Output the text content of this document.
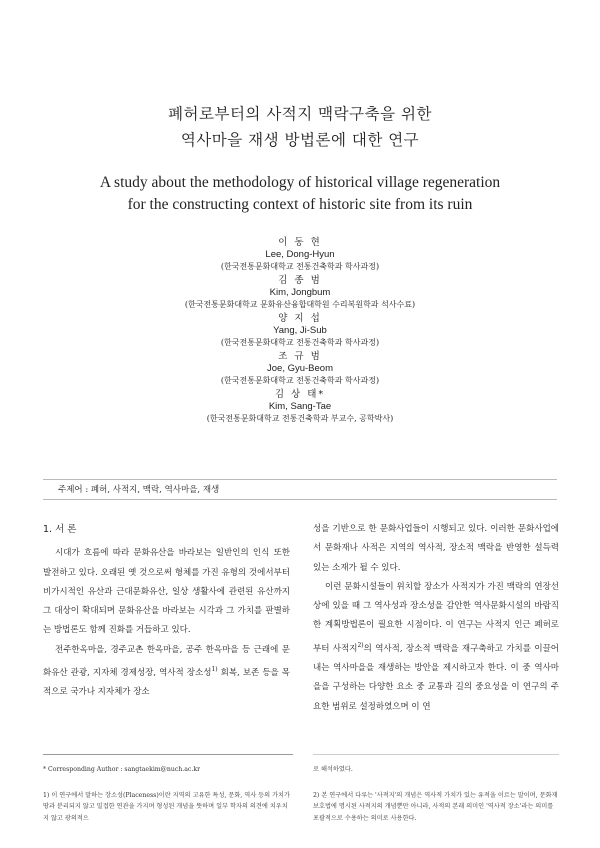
폐허로부터의 사적지 맥락구축을 위한
역사마을 재생 방법론에 대한 연구
A study about the methodology of historical village regeneration
for the constructing context of historic site from its ruin
이 동 현
Lee, Dong-Hyun
(한국전통문화대학교 전통건축학과 학사과정)
김 종 범
Kim, Jongbum
(한국전통문화대학교 문화유산융합대학원 수리복원학과 석사수료)
양 지 섭
Yang, Ji-Sub
(한국전통문화대학교 전통건축학과 학사과정)
조 규 범
Joe, Gyu-Beom
(한국전통문화대학교 전통건축학과 학사과정)
김 상 태*
Kim, Sang-Tae
(한국전통문화대학교 전통건축학과 부교수, 공학박사)
주제어 : 폐허, 사적지, 맥락, 역사마을, 재생
1. 서 론

시대가 흐름에 따라 문화유산을 바라보는 일반인의 인식 또한 발전하고 있다. 오래된 옛 것으로써 형체를 가진 유형의 것에서부터 비가시적인 유산과 근대문화유산, 일상 생활사에 관련된 유산까지 그 대상이 확대되며 문화유산을 바라보는 시각과 그 가치를 판별하는 방법론도 함께 진화를 거듭하고 있다.

전주한옥마을, 경주교촌 한옥마을, 공주 한옥마을 등 근래에 문화유산 관광, 지자체 경제성장, 역사적 장소성$^{1)}$ 회복, 보존 등을 목적으로 국가나 지자체가 장소

성을 기반으로 한 문화사업들이 시행되고 있다. 이러한 문화사업에서 문화재나 사적은 지역의 역사적, 장소적 맥락을 반영한 설득력 있는 소재가 될 수 있다.

이런 문화시설들이 위치할 장소가 사적지가 가진 맥락의 연장선상에 있을 때 그 역사성과 장소성을 감안한 역사문화시설의 바람직한 계획방법론이 필요한 시점이다. 이 연구는 사적지 인근 폐허로부터 사적지$^{2)}$의 역사적, 장소적 맥락을 재구축하고 가치를 이끌어내는 역사마을을 재생하는 방안을 제시하고자 한다. 이 중 역사마을을 구성하는 다양한 요소 중 교통과 길의 중요성을 이 연구의 주요한 범위로 설정하였으며 이 연

* Corresponding Author : sangtaekim@nuch.ac.kr

1) 이 연구에서 말하는 장소성(Placeness)이란 지역의 고유한 특성, 문화, 역사 등의 가치가 땅과 분리되지 않고 밀접한 연관을 가지며 형성된 개념을 뜻하며 일부 학자의 의견에 치우치지 않고 광의적으

로 해석하였다.

2) 본 연구에서 다루는 '사적지'의 개념은 역사적 가치가 있는 유적을 이르는 말이며, 문화재보호법에 명시된 사적지의 개념뿐만 아니라, 사적의 본래 의미인 '역사적 장소'라는 의미를 포괄적으로 수용하는 의미로 사용한다.
